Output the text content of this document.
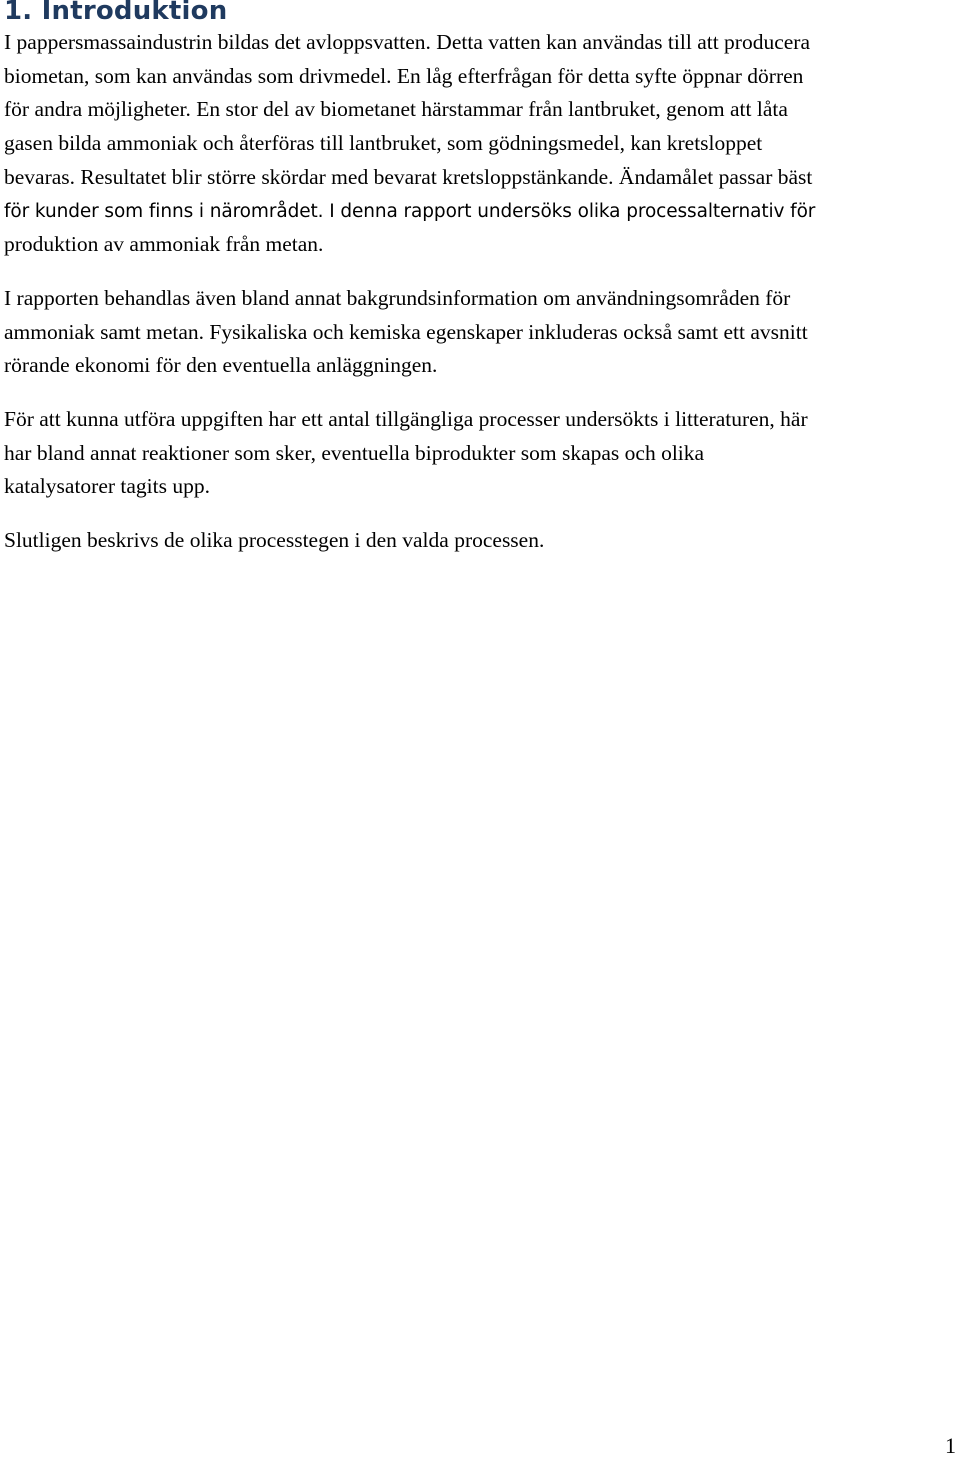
1. Introduktion

I pappersmassaindustrin bildas det avloppsvatten. Detta vatten kan användas till att producera
biometan, som kan användas som drivmedel. En låg efterfrågan för detta syfte öppnar dörren
för andra möjligheter. En stor del av biometanet härstammar från lantbruket, genom att låta
gasen bilda ammoniak och återföras till lantbruket, som gödningsmedel, kan kretsloppet
bevaras. Resultatet blir större skördar med bevarat kretsloppstänkande. Ändamålet passar bäst
för kunder som finns i närområdet. I denna rapport undersöks olika processalternativ för
produktion av ammoniak från metan.

I rapporten behandlas även bland annat bakgrundsinformation om användningsområden för
ammoniak samt metan. Fysikaliska och kemiska egenskaper inkluderas också samt ett avsnitt
rörande ekonomi för den eventuella anläggningen.

För att kunna utföra uppgiften har ett antal tillgängliga processer undersökts i litteraturen, här
har bland annat reaktioner som sker, eventuella biprodukter som skapas och olika
katalysatorer tagits upp.

Slutligen beskrivs de olika processtegen i den valda processen.

1
